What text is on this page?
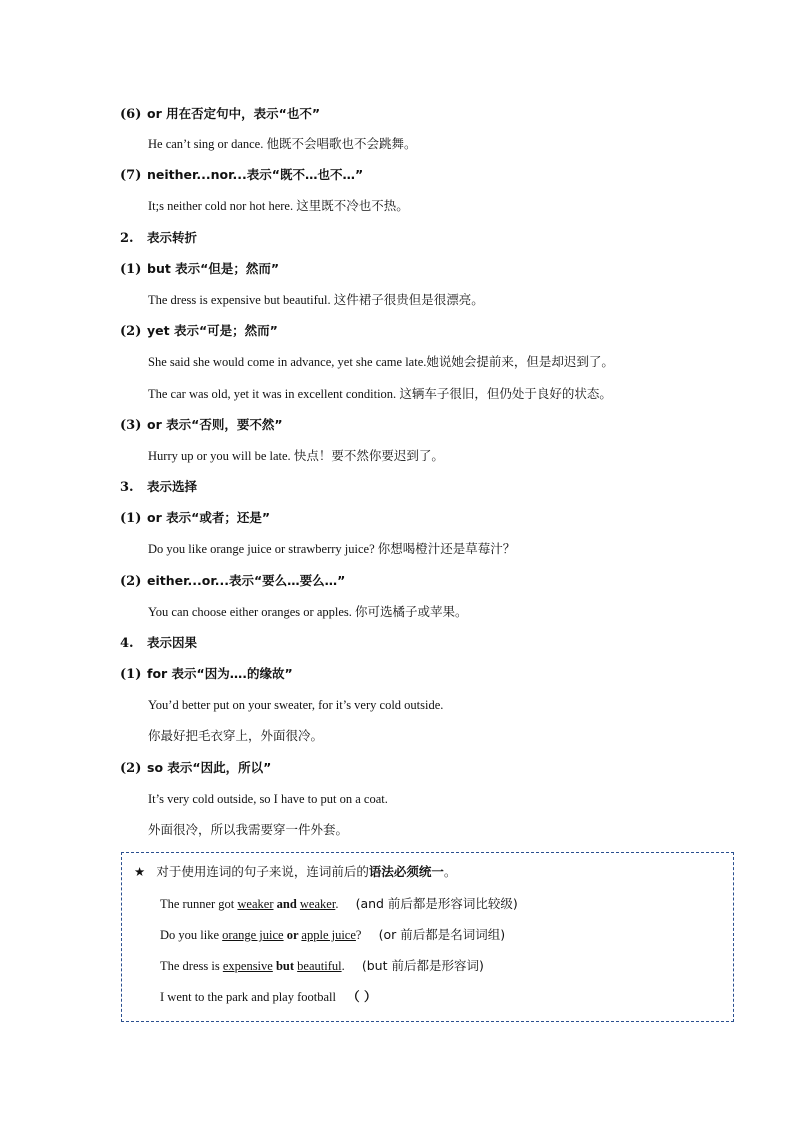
(6) or 用在否定句中，表示“也不”
He can’t sing or dance. 他既不会唱歌也不会跳舞。
(7) neither...nor...表示“既不…也不…”
It;s neither cold nor hot here. 这里既不冷也不热。
2. 表示转折
(1) but 表示“但是；然而”
The dress is expensive but beautiful. 这件裙子很贵但是很漂亮。
(2) yet 表示“可是；然而”
She said she would come in advance, yet she came late.她说她会提前来，但是却迟到了。
The car was old, yet it was in excellent condition. 这辆车子很旧，但仍处于良好的状态。
(3) or 表示“否则，要不然”
Hurry up or you will be late. 快点！要不然你要迟到了。
3. 表示选择
(1) or 表示“或者；还是”
Do you like orange juice or strawberry juice? 你想喝橙汁还是草莓汁？
(2) either...or...表示“要么…要么…”
You can choose either oranges or apples. 你可选橘子或苹果。
4. 表示因果
(1) for 表示“因为….的缘故”
You’d better put on your sweater, for it’s very cold outside.
你最好把毛衣穿上，外面很冷。
(2) so 表示“因此，所以”
It’s very cold outside, so I have to put on a coat.
外面很冷，所以我需要穿一件外套。
★ 对于使用连词的句子来说，连词前后的语法必须统一。
The runner got weaker and weaker. (and 前后都是形容词比较级)
Do you like orange juice or apple juice? (or 前后都是名词词组)
The dress is expensive but beautiful. (but 前后都是形容词)
I went to the park and play football （ ）
